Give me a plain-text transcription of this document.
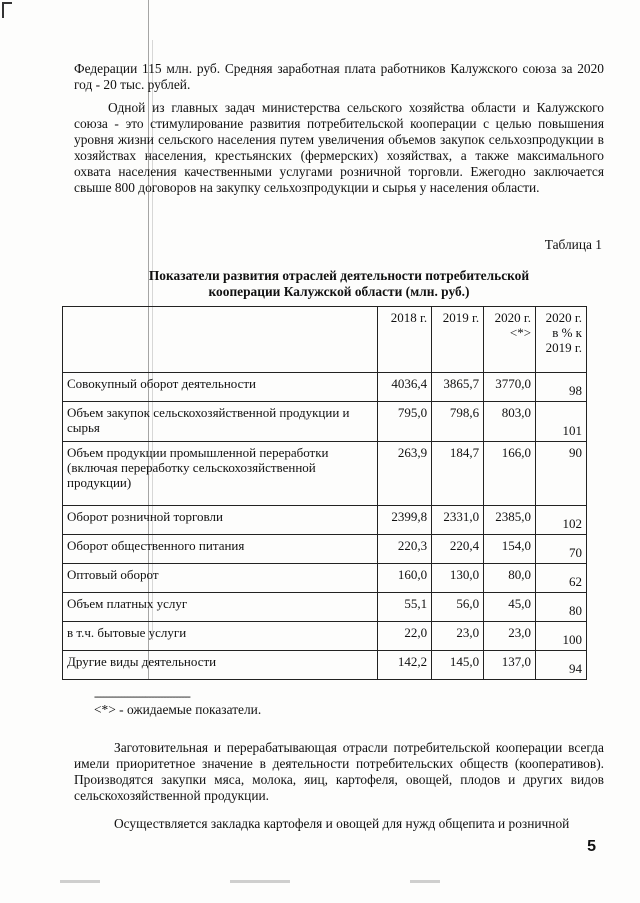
Федерации 115 млн. руб. Средняя заработная плата работников Калужского союза за 2020 год - 20 тыс. рублей.
Одной из главных задач министерства сельского хозяйства области и Калужского союза - это стимулирование развития потребительской кооперации с целью повышения уровня жизни сельского населения путем увеличения объемов закупок сельхозпродукции в хозяйствах населения, крестьянских (фермерских) хозяйствах, а также максимального охвата населения качественными услугами розничной торговли. Ежегодно заключается свыше 800 договоров на закупку сельхозпродукции и сырья у населения области.
Таблица 1
Показатели развития отраслей деятельности потребительской
кооперации Калужской области (млн. руб.)
	2018 г.	2019 г.	2020 г. <*>	2020 г. в % к 2019 г.
Совокупный оборот деятельности	4036,4	3865,7	3770,0	98
Объем закупок сельскохозяйственной продукции и сырья	795,0	798,6	803,0	101
Объем продукции промышленной переработки (включая переработку сельскохозяйственной продукции)	263,9	184,7	166,0	90
Оборот розничной торговли	2399,8	2331,0	2385,0	102
Оборот общественного питания	220,3	220,4	154,0	70
Оптовый оборот	160,0	130,0	80,0	62
Объем платных услуг	55,1	56,0	45,0	80
в т.ч. бытовые услуги	22,0	23,0	23,0	100
Другие виды деятельности	142,2	145,0	137,0	94
--------------------------------
<*> - ожидаемые показатели.
Заготовительная и перерабатывающая отрасли потребительской кооперации всегда имели приоритетное значение в деятельности потребительских обществ (кооперативов). Производятся закупки мяса, молока, яиц, картофеля, овощей, плодов и других видов сельскохозяйственной продукции.
Осуществляется закладка картофеля и овощей для нужд общепита и розничной
5
